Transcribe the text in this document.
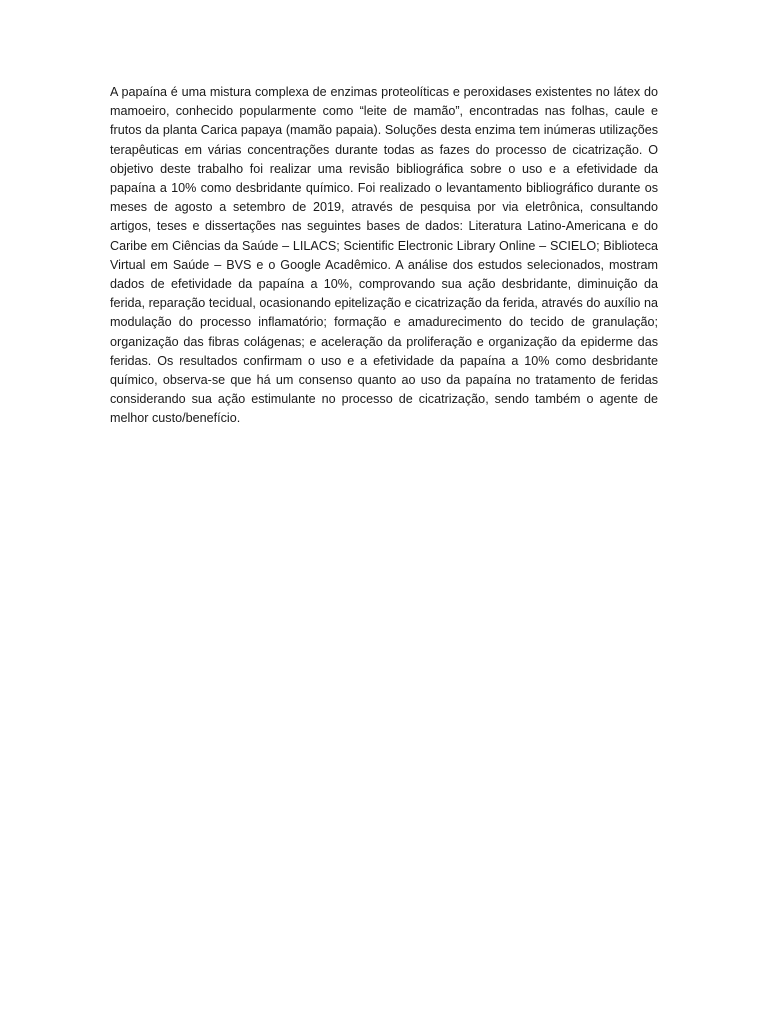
A papaína é uma mistura complexa de enzimas proteolíticas e peroxidases existentes no látex do mamoeiro, conhecido popularmente como “leite de mamão”, encontradas nas folhas, caule e frutos da planta Carica papaya (mamão papaia). Soluções desta enzima tem inúmeras utilizações terapêuticas em várias concentrações durante todas as fazes do processo de cicatrização. O objetivo deste trabalho foi realizar uma revisão bibliográfica sobre o uso e a efetividade da papaína a 10% como desbridante químico. Foi realizado o levantamento bibliográfico durante os meses de agosto a setembro de 2019, através de pesquisa por via eletrônica, consultando artigos, teses e dissertações nas seguintes bases de dados: Literatura Latino-Americana e do Caribe em Ciências da Saúde – LILACS; Scientific Electronic Library Online – SCIELO; Biblioteca Virtual em Saúde – BVS e o Google Acadêmico. A análise dos estudos selecionados, mostram dados de efetividade da papaína a 10%, comprovando sua ação desbridante, diminuição da ferida, reparação tecidual, ocasionando epitelização e cicatrização da ferida, através do auxílio na modulação do processo inflamatório; formação e amadurecimento do tecido de granulação; organização das fibras colágenas; e aceleração da proliferação e organização da epiderme das feridas. Os resultados confirmam o uso e a efetividade da papaína a 10% como desbridante químico, observa-se que há um consenso quanto ao uso da papaína no tratamento de feridas considerando sua ação estimulante no processo de cicatrização, sendo também o agente de melhor custo/benefício.
